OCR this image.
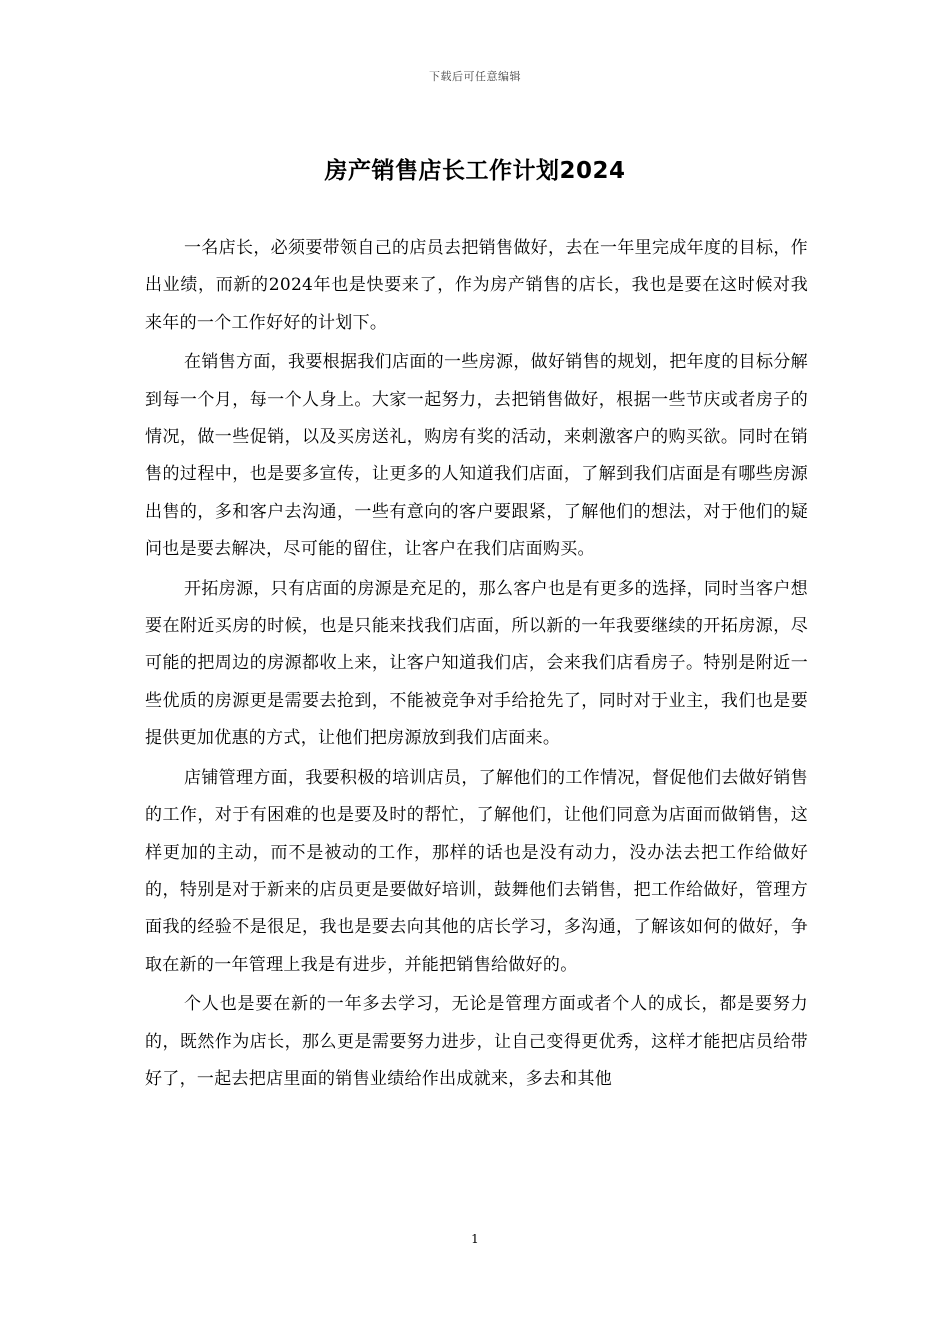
下载后可任意编辑
房产销售店长工作计划2024

一名店长，必须要带领自己的店员去把销售做好，去在一年里完成年度的目标，作出业绩，而新的2024年也是快要来了，作为房产销售的店长，我也是要在这时候对我来年的一个工作好好的计划下。

在销售方面，我要根据我们店面的一些房源，做好销售的规划，把年度的目标分解到每一个月，每一个人身上。大家一起努力，去把销售做好，根据一些节庆或者房子的情况，做一些促销，以及买房送礼，购房有奖的活动，来刺激客户的购买欲。同时在销售的过程中，也是要多宣传，让更多的人知道我们店面，了解到我们店面是有哪些房源出售的，多和客户去沟通，一些有意向的客户要跟紧，了解他们的想法，对于他们的疑问也是要去解决，尽可能的留住，让客户在我们店面购买。

开拓房源，只有店面的房源是充足的，那么客户也是有更多的选择，同时当客户想要在附近买房的时候，也是只能来找我们店面，所以新的一年我要继续的开拓房源，尽可能的把周边的房源都收上来，让客户知道我们店，会来我们店看房子。特别是附近一些优质的房源更是需要去抢到，不能被竞争对手给抢先了，同时对于业主，我们也是要提供更加优惠的方式，让他们把房源放到我们店面来。

店铺管理方面，我要积极的培训店员，了解他们的工作情况，督促他们去做好销售的工作，对于有困难的也是要及时的帮忙，了解他们，让他们同意为店面而做销售，这样更加的主动，而不是被动的工作，那样的话也是没有动力，没办法去把工作给做好的，特别是对于新来的店员更是要做好培训，鼓舞他们去销售，把工作给做好，管理方面我的经验不是很足，我也是要去向其他的店长学习，多沟通，了解该如何的做好，争取在新的一年管理上我是有进步，并能把销售给做好的。

个人也是要在新的一年多去学习，无论是管理方面或者个人的成长，都是要努力的，既然作为店长，那么更是需要努力进步，让自己变得更优秀，这样才能把店员给带好了，一起去把店里面的销售业绩给作出成就来，多去和其他

1
